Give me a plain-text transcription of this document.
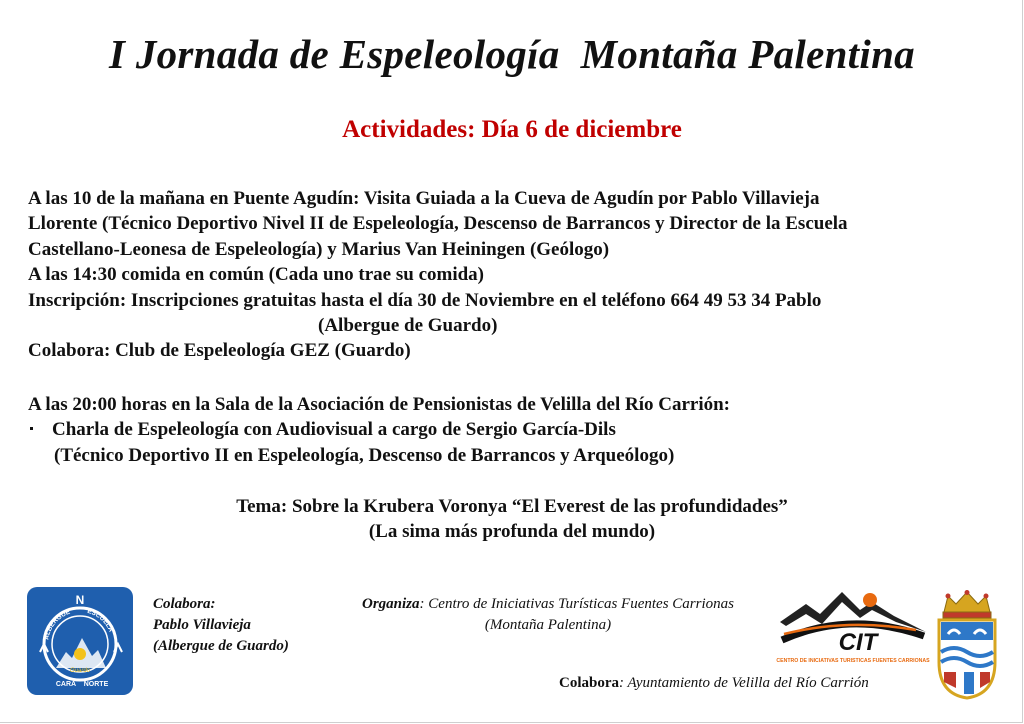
I Jornada de Espeleología  Montaña Palentina
Actividades: Día 6 de diciembre

A las 10 de la mañana en Puente Agudín: Visita Guiada a la Cueva de Agudín por Pablo Villavieja

Llorente (Técnico Deportivo Nivel II de Espeleología, Descenso de Barrancos y Director de la Escuela

Castellano-Leonesa de Espeleología) y Marius Van Heiningen (Geólogo)

A las 14:30 comida en común (Cada uno trae su comida)

Inscripción: Inscripciones gratuitas hasta el día 30 de Noviembre en el teléfono 664 49 53 34 Pablo

(Albergue de Guardo)

Colabora: Club de Espeleología GEZ (Guardo)

A las 20:00 horas en la Sala de la Asociación de Pensionistas de Velilla del Río Carrión:

Charla de Espeleología con Audiovisual a cargo de Sergio García-Dils

(Técnico Deportivo II en Espeleología, Descenso de Barrancos y Arqueólogo)

Tema: Sobre la Krubera Voronya “El Everest de las profundidades”

(La sima más profunda del mundo)

N
ALBERGUE ESCUELA
Guardo
CARA NORTE

Colabora:

Pablo Villavieja

(Albergue de Guardo)

Organiza: Centro de Iniciativas Turísticas Fuentes Carrionas

(Montaña Palentina)

Colabora: Ayuntamiento de Velilla del Río Carrión
CIT
CENTRO DE INICIATIVAS TURISTICAS FUENTES CARRIONAS
